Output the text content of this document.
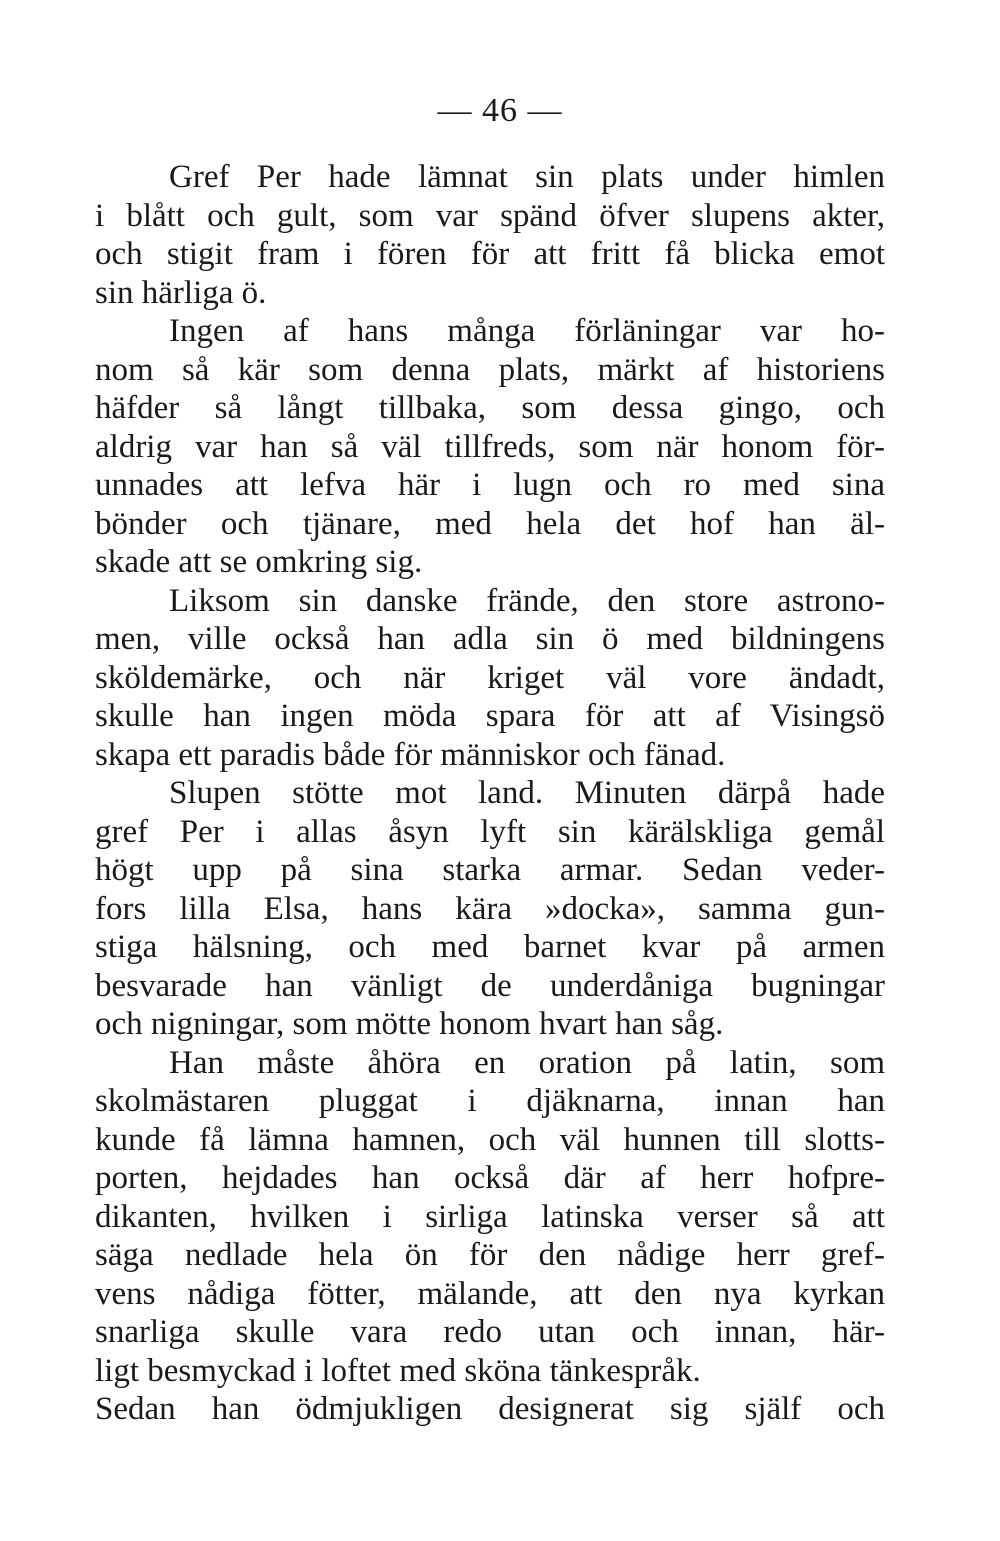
— 46 —
Gref Per hade lämnat sin plats under himlen
i blått och gult, som var spänd öfver slupens akter,
och stigit fram i fören för att fritt få blicka emot
sin härliga ö.
Ingen af hans många förläningar var ho-
nom så kär som denna plats, märkt af historiens
häfder så långt tillbaka, som dessa gingo, och
aldrig var han så väl tillfreds, som när honom för-
unnades att lefva här i lugn och ro med sina
bönder och tjänare, med hela det hof han äl-
skade att se omkring sig.
Liksom sin danske frände, den store astrono-
men, ville också han adla sin ö med bildningens
sköldemärke, och när kriget väl vore ändadt,
skulle han ingen möda spara för att af Visingsö
skapa ett paradis både för människor och fänad.
Slupen stötte mot land. Minuten därpå hade
gref Per i allas åsyn lyft sin kärälskliga gemål
högt upp på sina starka armar. Sedan veder-
fors lilla Elsa, hans kära »docka», samma gun-
stiga hälsning, och med barnet kvar på armen
besvarade han vänligt de underdåniga bugningar
och nigningar, som mötte honom hvart han såg.
Han måste åhöra en oration på latin, som
skolmästaren pluggat i djäknarna, innan han
kunde få lämna hamnen, och väl hunnen till slotts-
porten, hejdades han också där af herr hofpre-
dikanten, hvilken i sirliga latinska verser så att
säga nedlade hela ön för den nådige herr gref-
vens nådiga fötter, mälande, att den nya kyrkan
snarliga skulle vara redo utan och innan, här-
ligt besmyckad i loftet med sköna tänkespråk.
Sedan han ödmjukligen designerat sig själf och
